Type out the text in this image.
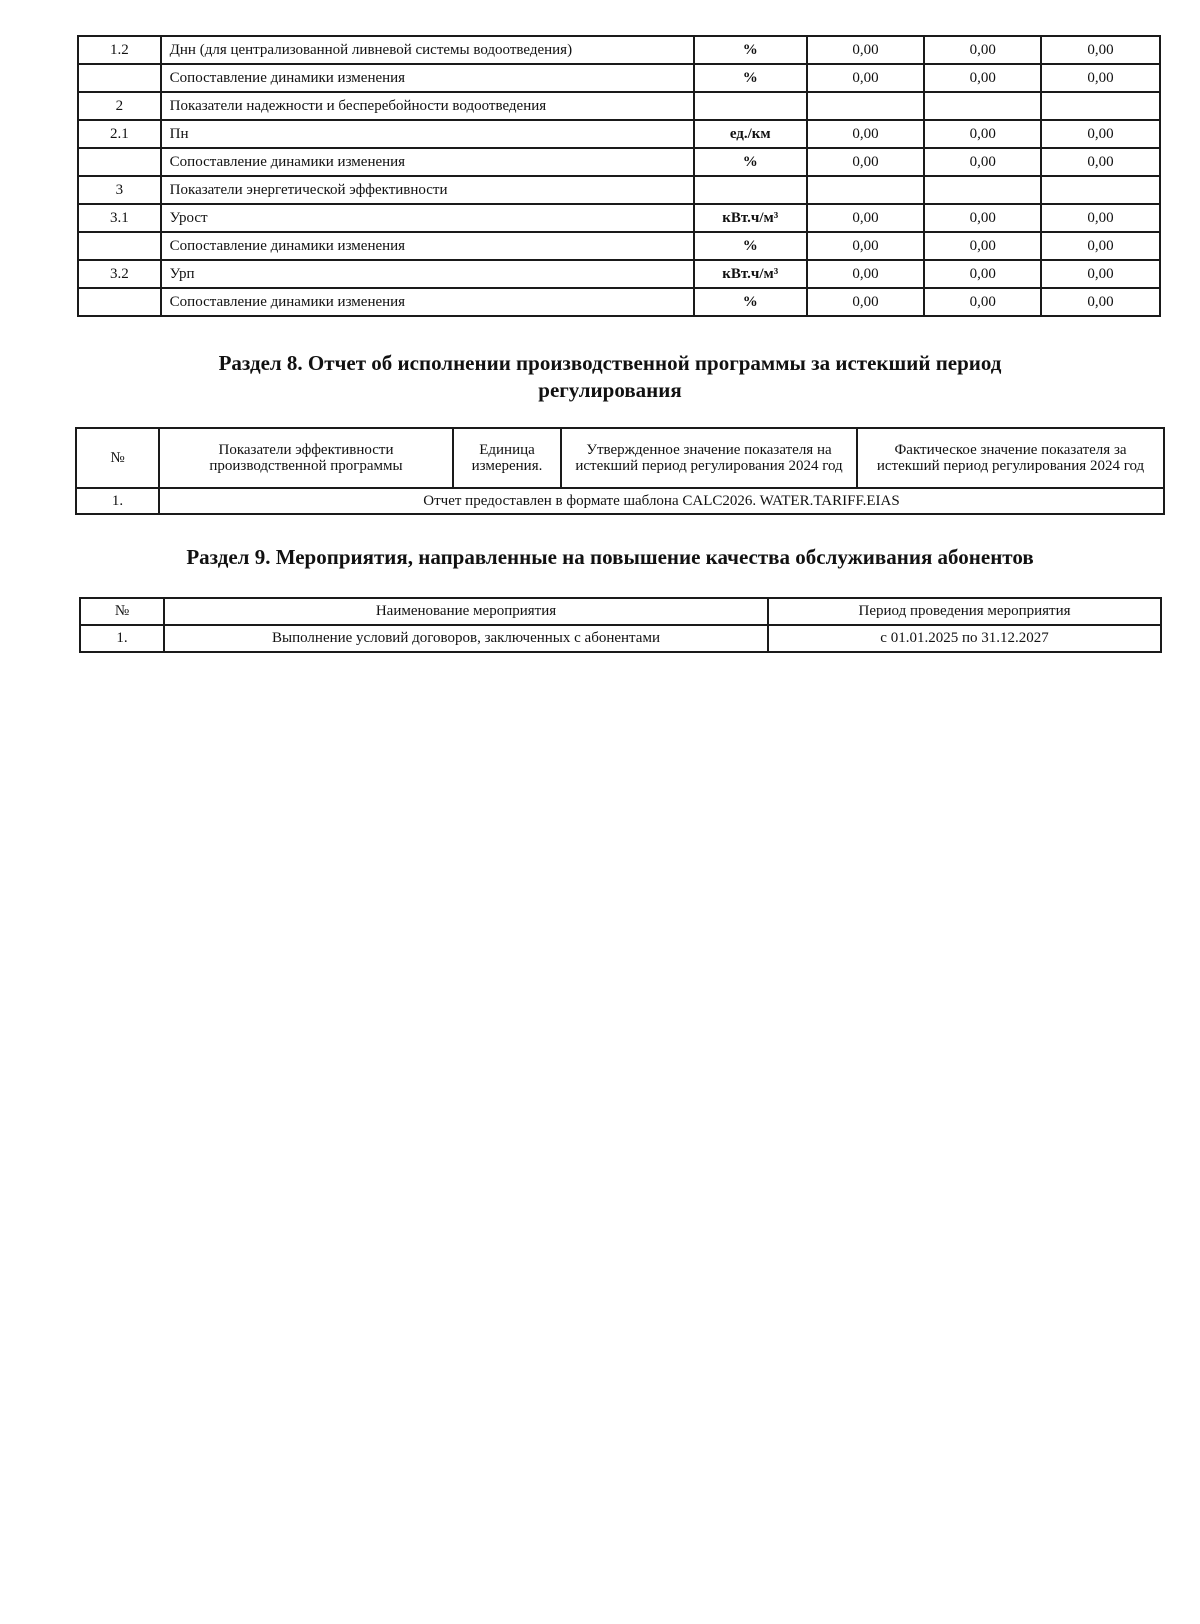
1.2	Днн (для централизованной ливневой системы водоотведения)	%	0,00	0,00	0,00
	Сопоставление динамики изменения	%	0,00	0,00	0,00
2	Показатели надежности и бесперебойности водоотведения				
2.1	Пн	ед./км	0,00	0,00	0,00
	Сопоставление динамики изменения	%	0,00	0,00	0,00
3	Показатели энергетической эффективности				
3.1	Урост	кВт.ч/м³	0,00	0,00	0,00
	Сопоставление динамики изменения	%	0,00	0,00	0,00
3.2	Урп	кВт.ч/м³	0,00	0,00	0,00
	Сопоставление динамики изменения	%	0,00	0,00	0,00
Раздел 8. Отчет об исполнении производственной программы за истекший период
регулирования
№	Показатели эффективности производственной программы	Единица измерения.	Утвержденное значение показателя на истекший период регулирования 2024 год	Фактическое значение показателя за истекший период регулирования 2024 год
1.	Отчет предоставлен в формате шаблона CALC2026. WATER.TARIFF.EIAS			
Раздел 9. Мероприятия, направленные на повышение качества обслуживания абонентов
№	Наименование мероприятия	Период проведения мероприятия
1.	Выполнение условий договоров, заключенных с абонентами	с 01.01.2025 по 31.12.2027
